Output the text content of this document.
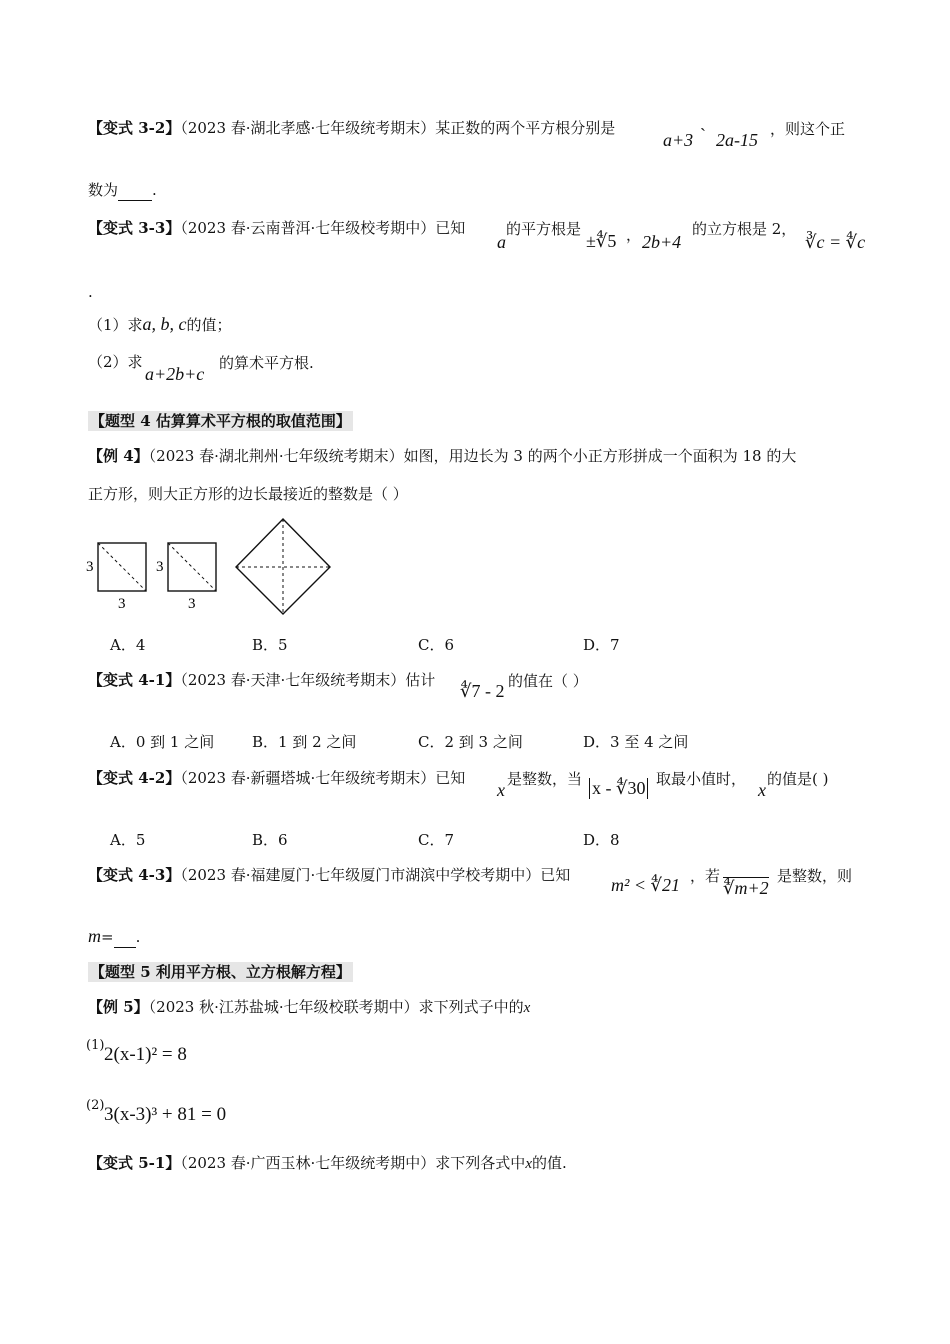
【变式 3-2】（2023 春·湖北孝感·七年级统考期末）某正数的两个平方根分别是
a+3 ` 2a-15
，则这个正
数为 .
【变式 3-3】（2023 春·云南普洱·七年级校考期中）已知
a
的平方根是
±∜5 ， 2b+4
的立方根是 2，
∛c = ∜c
.
（1）求a, b, c的值；
（2）求
a+2b+c
的算术平方根.
【题型 4 估算算术平方根的取值范围】
【例 4】（2023 春·湖北荆州·七年级统考期末）如图，用边长为 3 的两个小正方形拼成一个面积为 18 的大
正方形，则大正方形的边长最接近的整数是（ ）
3
3
3
3
A．4	B．5	C．6	D．7
【变式 4-1】（2023 春·天津·七年级统考期末）估计
∜7 - 2 的值在（ ）
A．0 到 1 之间	B．1 到 2 之间	C．2 到 3 之间	D．3 至 4 之间
【变式 4-2】（2023 春·新疆塔城·七年级统考期末）已知
x
是整数，当 x - ∜30 取最小值时，
x
的值是( )
A．5	B．6	C．7	D．8
【变式 4-3】（2023 春·福建厦门·七年级厦门市湖滨中学校考期中）已知 m² < ∜21 ，若
∜m+2
是整数，则
m= .
【题型 5 利用平方根、立方根解方程】
【例 5】（2023 秋·江苏盐城·七年级校联考期中）求下列式子中的x
(1) 2(x-1)² = 8
(2) 3(x-3)³ + 81 = 0
【变式 5-1】（2023 春·广西玉林·七年级统考期中）求下列各式中x的值.
